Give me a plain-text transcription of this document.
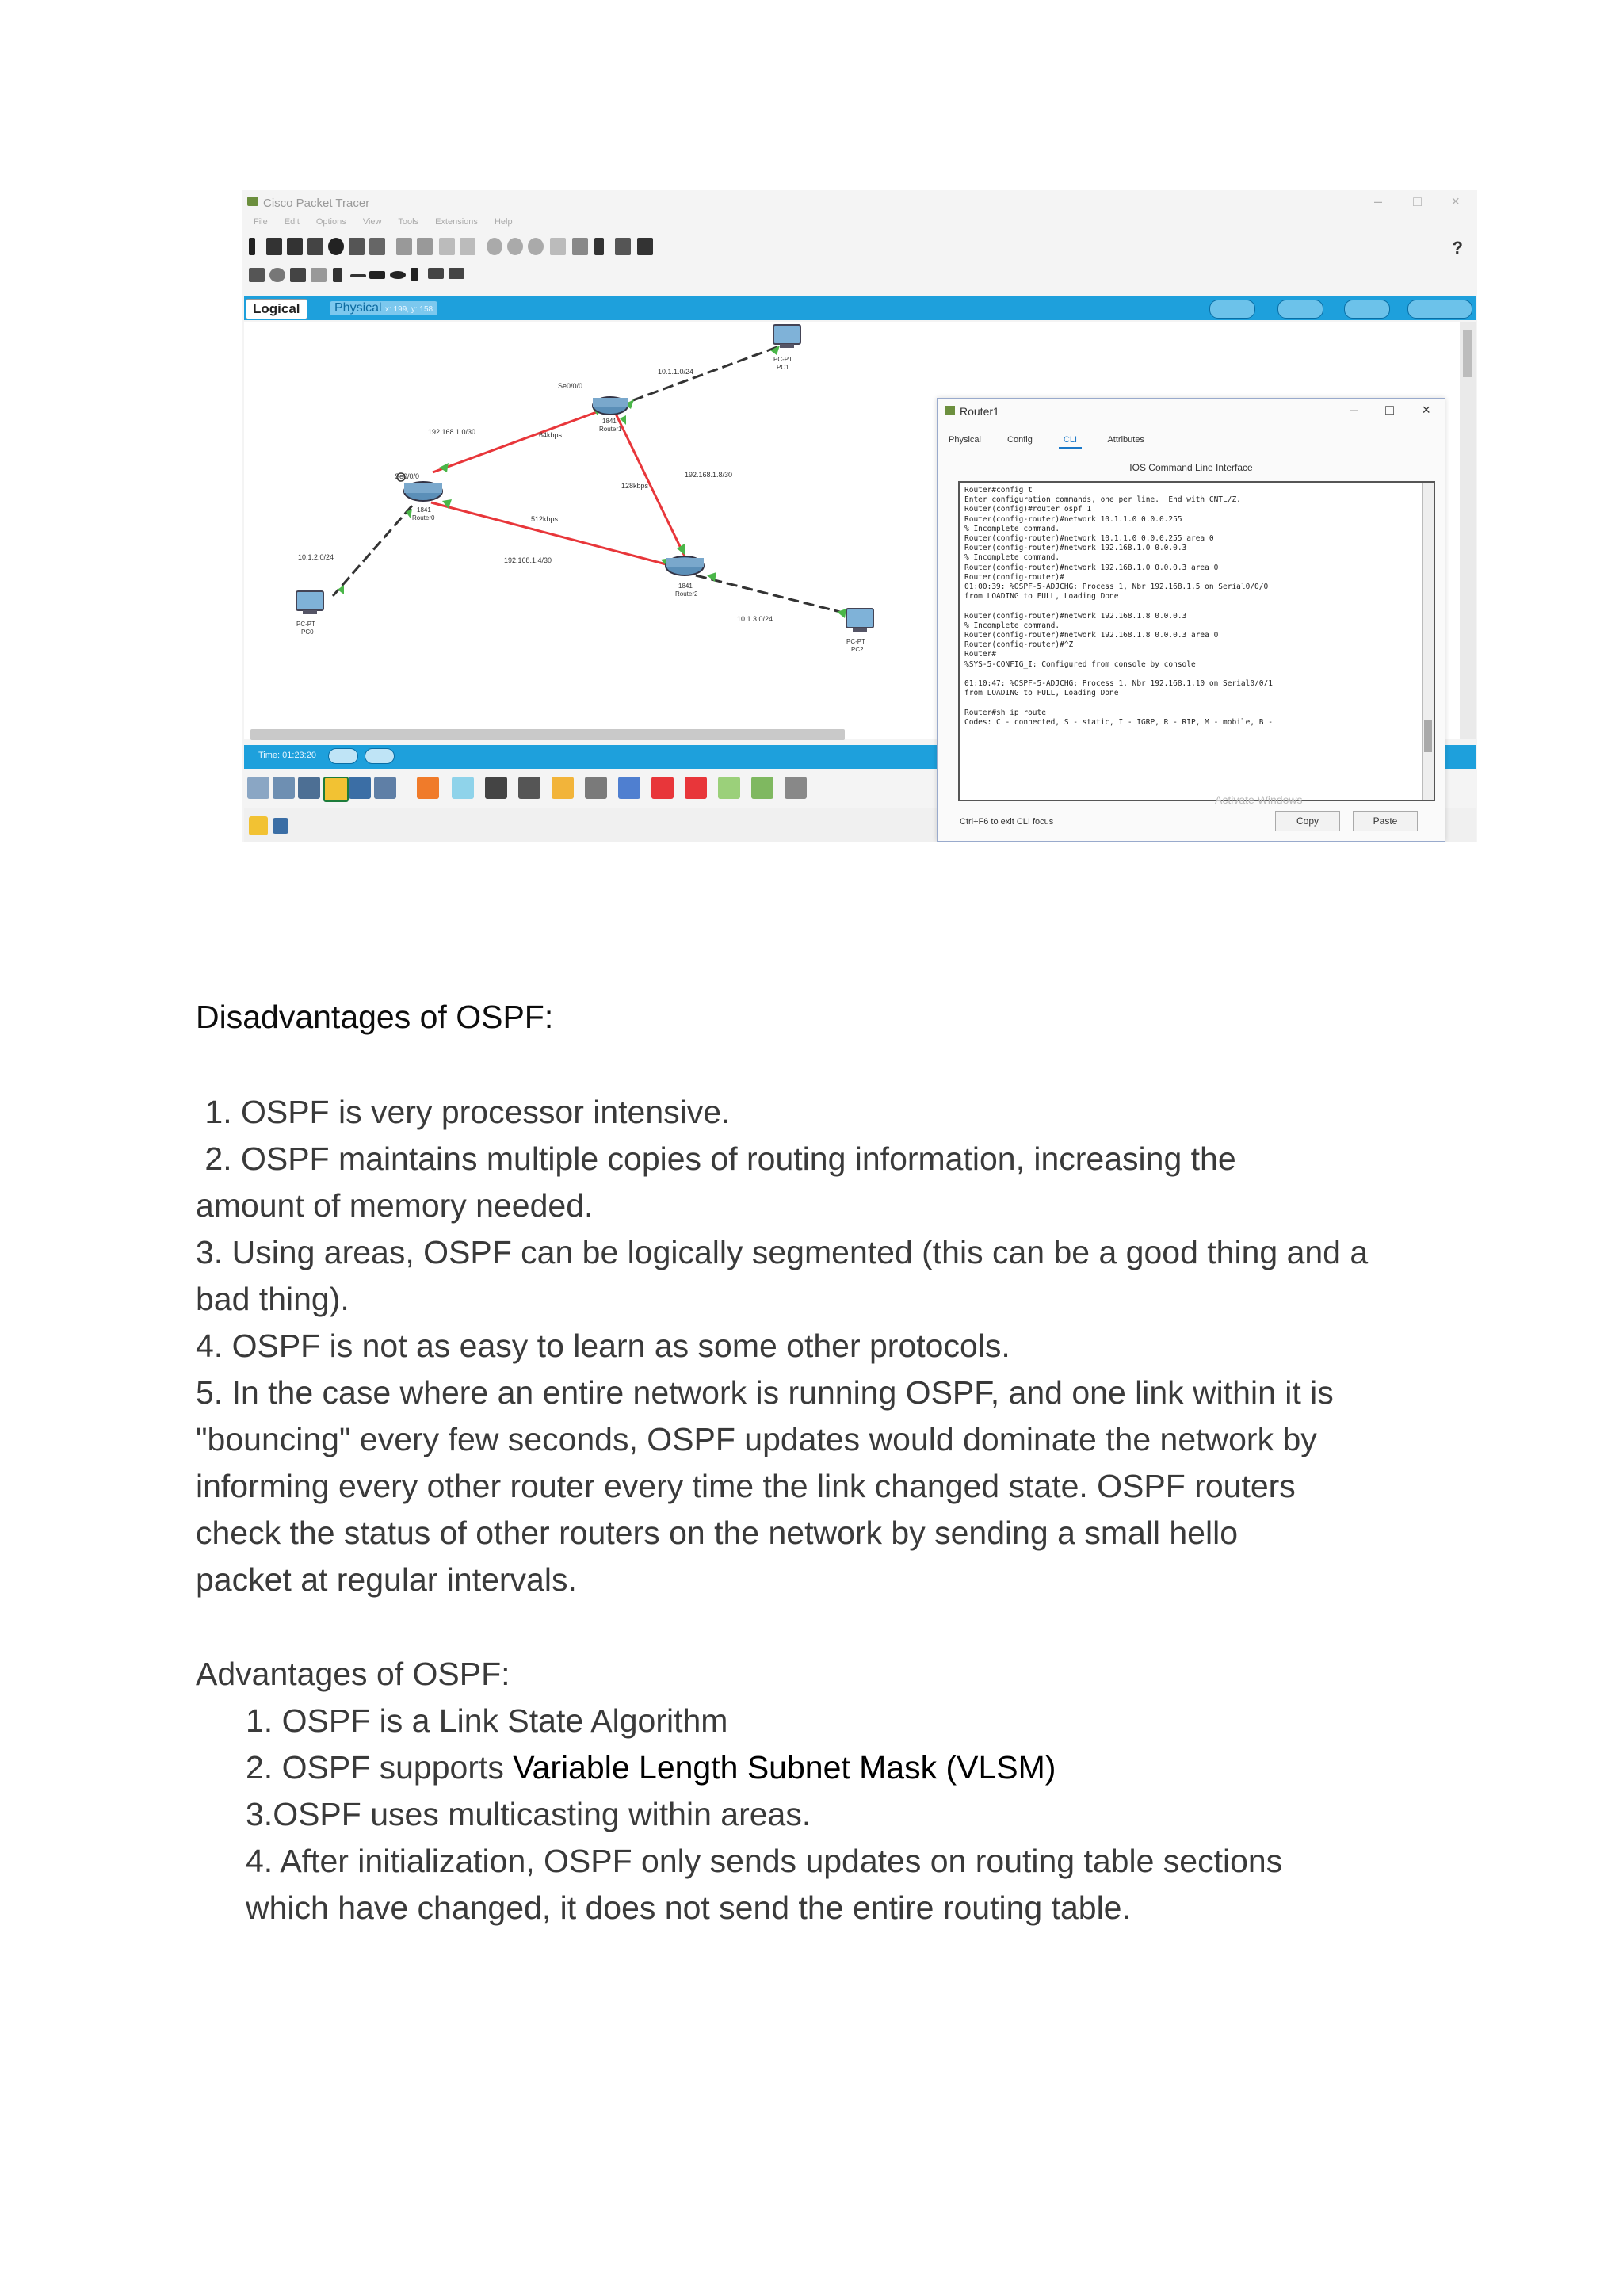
Cisco Packet Tracer	– □ ×
File Edit Options View Tools Extensions Help
?
Logical	Physical x: 199, y: 158
10.1.1.0/24
192.168.1.0/30	64kbps
Se0/0/0
192.168.1.8/30
128kbps
512kbps
192.168.1.4/30
10.1.2.0/24
10.1.3.0/24
Se0/0/0
PC-PT
PC1
1841
Router1
1841
Router0
1841
Router2
PC-PT
PC0
PC-PT
PC2
Time: 01:23:20
Router1	– □ ×
Physical	Config	CLI	Attributes
IOS Command Line Interface
Router#config t
Enter configuration commands, one per line.  End with CNTL/Z.
Router(config)#router ospf 1
Router(config-router)#network 10.1.1.0 0.0.0.255
% Incomplete command.
Router(config-router)#network 10.1.1.0 0.0.0.255 area 0
Router(config-router)#network 192.168.1.0 0.0.0.3
% Incomplete command.
Router(config-router)#network 192.168.1.0 0.0.0.3 area 0
Router(config-router)#
01:00:39: %OSPF-5-ADJCHG: Process 1, Nbr 192.168.1.5 on Serial0/0/0
from LOADING to FULL, Loading Done

Router(config-router)#network 192.168.1.8 0.0.0.3
% Incomplete command.
Router(config-router)#network 192.168.1.8 0.0.0.3 area 0
Router(config-router)#^Z
Router#
%SYS-5-CONFIG_I: Configured from console by console

01:10:47: %OSPF-5-ADJCHG: Process 1, Nbr 192.168.1.10 on Serial0/0/1
from LOADING to FULL, Loading Done

Router#sh ip route
Codes: C - connected, S - static, I - IGRP, R - RIP, M - mobile, B -
Activate Windows
Ctrl+F6 to exit CLI focus	Copy	Paste
Disadvantages of OSPF:
1. OSPF is very processor intensive.
2. OSPF maintains multiple copies of routing information, increasing the
amount of memory needed.
3. Using areas, OSPF can be logically segmented (this can be a good thing and a
bad thing).
4. OSPF is not as easy to learn as some other protocols.
5. In the case where an entire network is running OSPF, and one link within it is
"bouncing" every few seconds, OSPF updates would dominate the network by
informing every other router every time the link changed state. OSPF routers
check the status of other routers on the network by sending a small hello
packet at regular intervals.
Advantages of OSPF:
1. OSPF is a Link State Algorithm
2. OSPF supports Variable Length Subnet Mask (VLSM)
3.OSPF uses multicasting within areas.
4. After initialization, OSPF only sends updates on routing table sections
which have changed, it does not send the entire routing table.
